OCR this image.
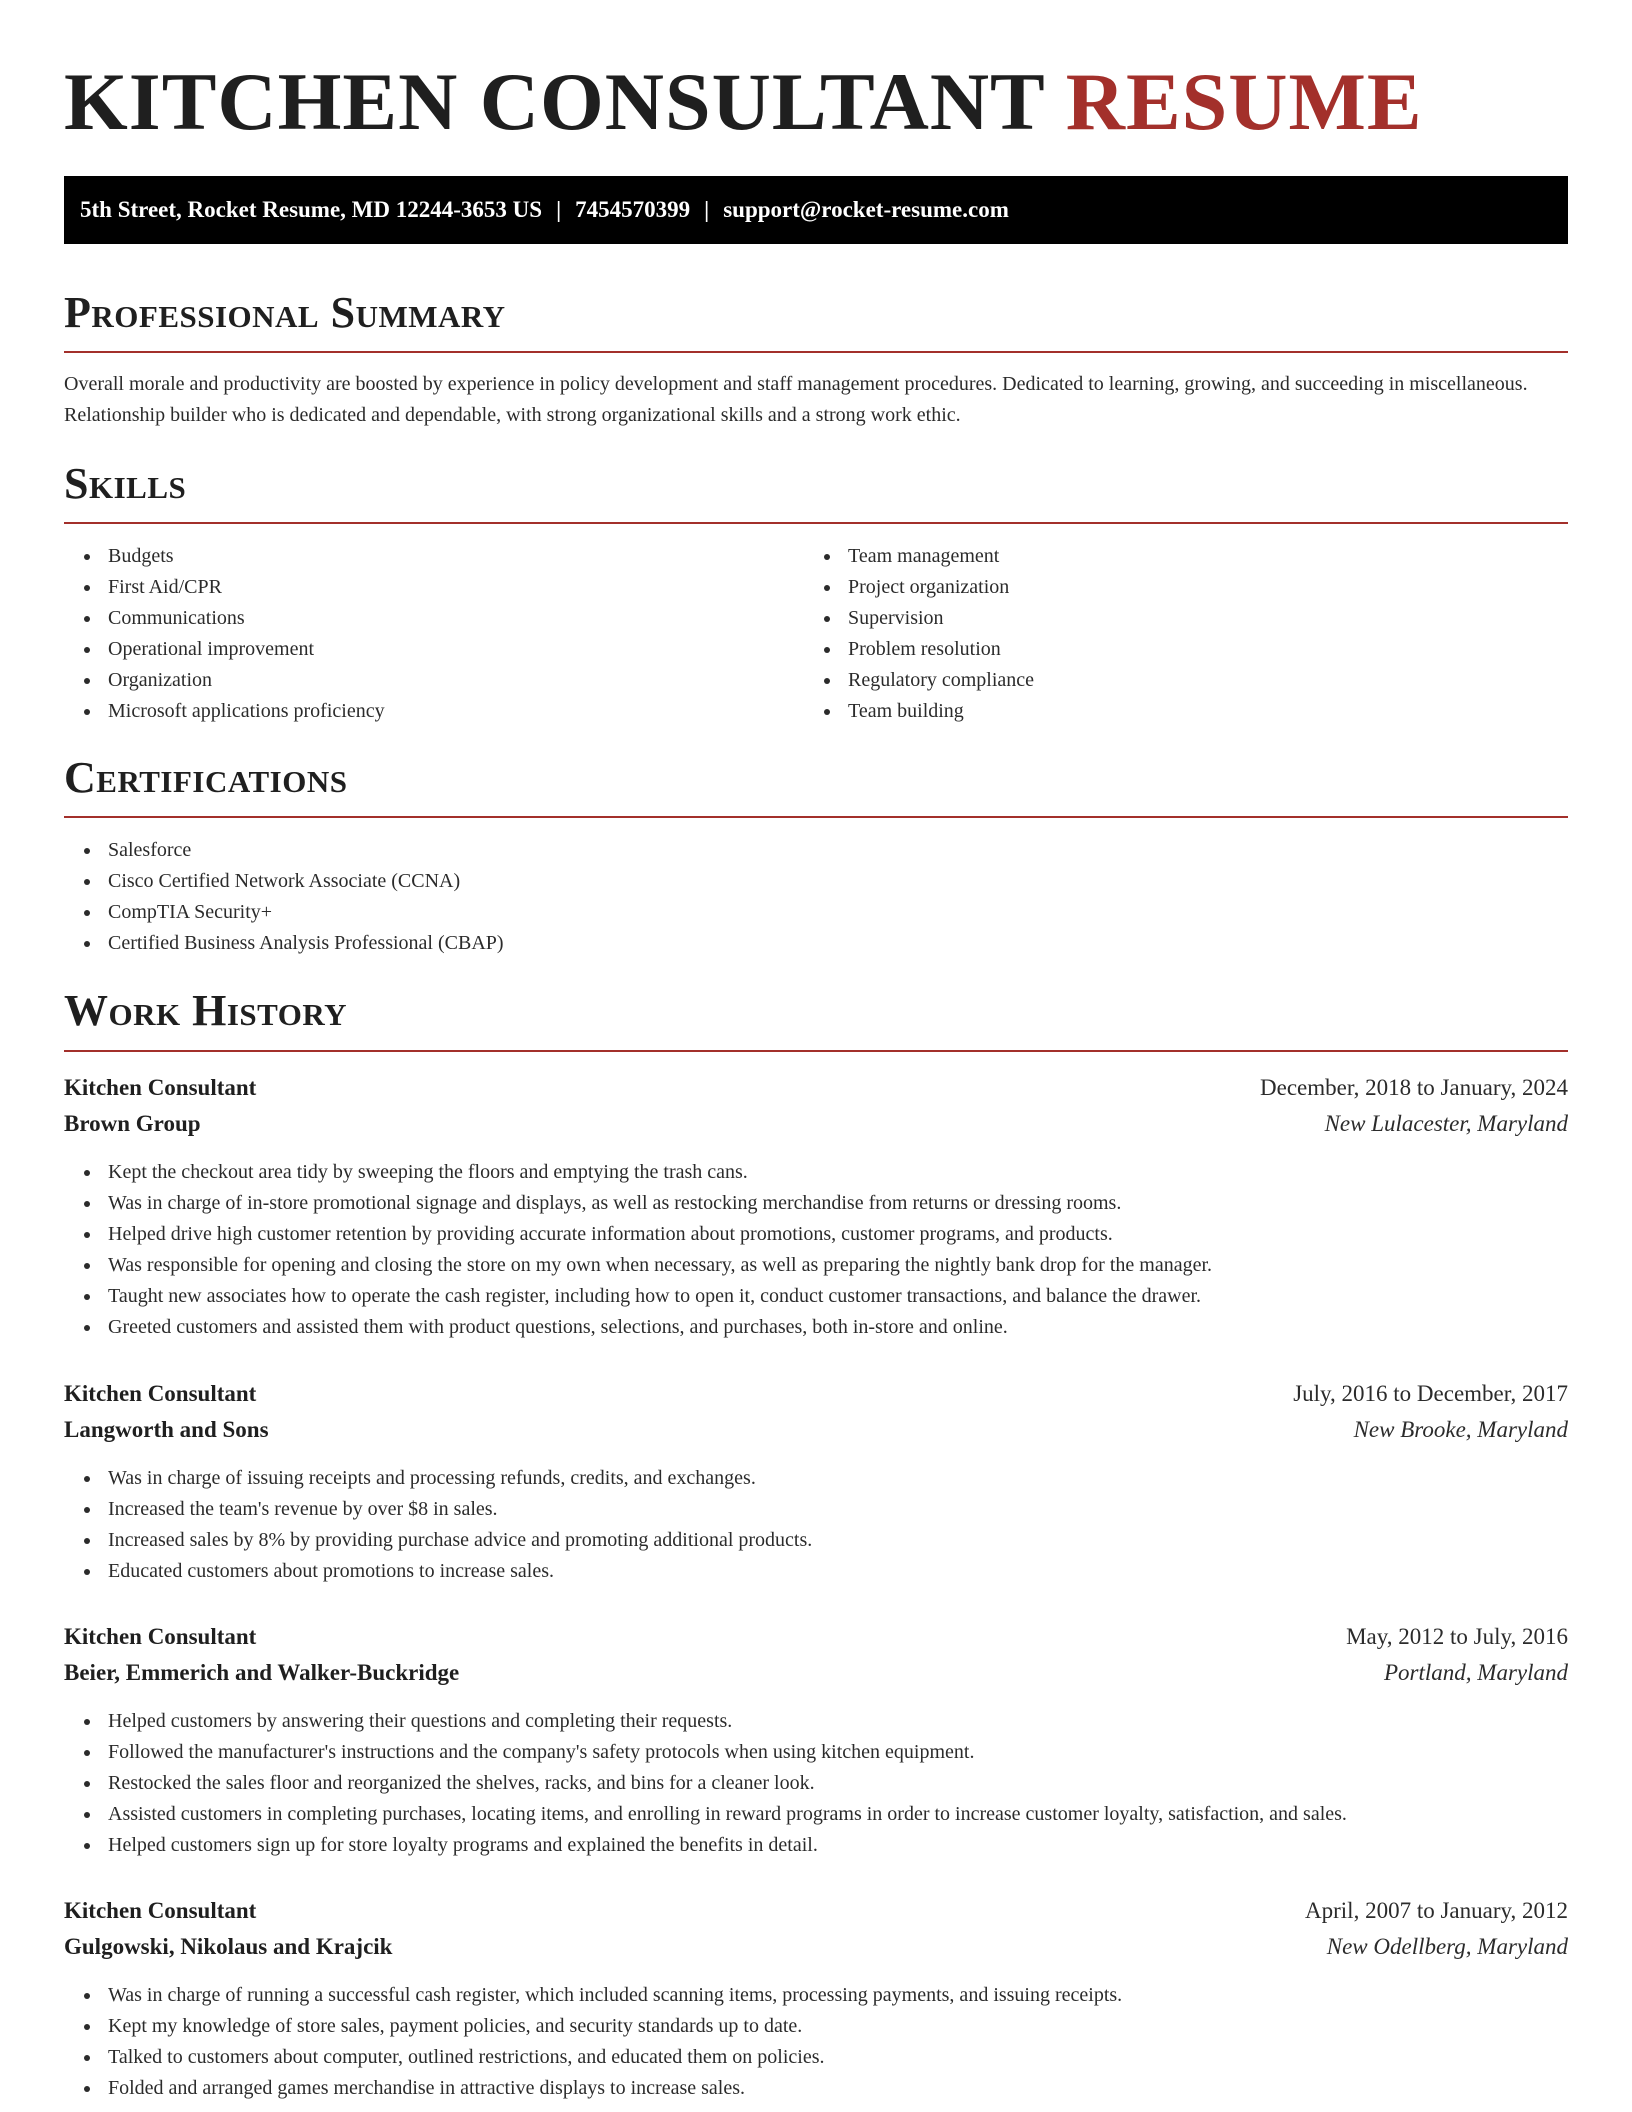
KITCHEN CONSULTANT RESUME
5th Street, Rocket Resume, MD 12244-3653 US | 7454570399 | support@rocket-resume.com
Professional Summary

Overall morale and productivity are boosted by experience in policy development and staff management procedures. Dedicated to learning, growing, and succeeding in miscellaneous. Relationship builder who is dedicated and dependable, with strong organizational skills and a strong work ethic.

Skills
Budgets
First Aid/CPR
Communications
Operational improvement
Organization
Microsoft applications proficiency
Team management
Project organization
Supervision
Problem resolution
Regulatory compliance
Team building
Certifications
Salesforce
Cisco Certified Network Associate (CCNA)
CompTIA Security+
Certified Business Analysis Professional (CBAP)
Work History
Kitchen Consultant	December, 2018 to January, 2024
Brown Group	New Lulacester, Maryland
Kept the checkout area tidy by sweeping the floors and emptying the trash cans.
Was in charge of in-store promotional signage and displays, as well as restocking merchandise from returns or dressing rooms.
Helped drive high customer retention by providing accurate information about promotions, customer programs, and products.
Was responsible for opening and closing the store on my own when necessary, as well as preparing the nightly bank drop for the manager.
Taught new associates how to operate the cash register, including how to open it, conduct customer transactions, and balance the drawer.
Greeted customers and assisted them with product questions, selections, and purchases, both in-store and online.
Kitchen Consultant	July, 2016 to December, 2017
Langworth and Sons	New Brooke, Maryland
Was in charge of issuing receipts and processing refunds, credits, and exchanges.
Increased the team's revenue by over $8 in sales.
Increased sales by 8% by providing purchase advice and promoting additional products.
Educated customers about promotions to increase sales.
Kitchen Consultant	May, 2012 to July, 2016
Beier, Emmerich and Walker-Buckridge	Portland, Maryland
Helped customers by answering their questions and completing their requests.
Followed the manufacturer's instructions and the company's safety protocols when using kitchen equipment.
Restocked the sales floor and reorganized the shelves, racks, and bins for a cleaner look.
Assisted customers in completing purchases, locating items, and enrolling in reward programs in order to increase customer loyalty, satisfaction, and sales.
Helped customers sign up for store loyalty programs and explained the benefits in detail.
Kitchen Consultant	April, 2007 to January, 2012
Gulgowski, Nikolaus and Krajcik	New Odellberg, Maryland
Was in charge of running a successful cash register, which included scanning items, processing payments, and issuing receipts.
Kept my knowledge of store sales, payment policies, and security standards up to date.
Talked to customers about computer, outlined restrictions, and educated them on policies.
Folded and arranged games merchandise in attractive displays to increase sales.
